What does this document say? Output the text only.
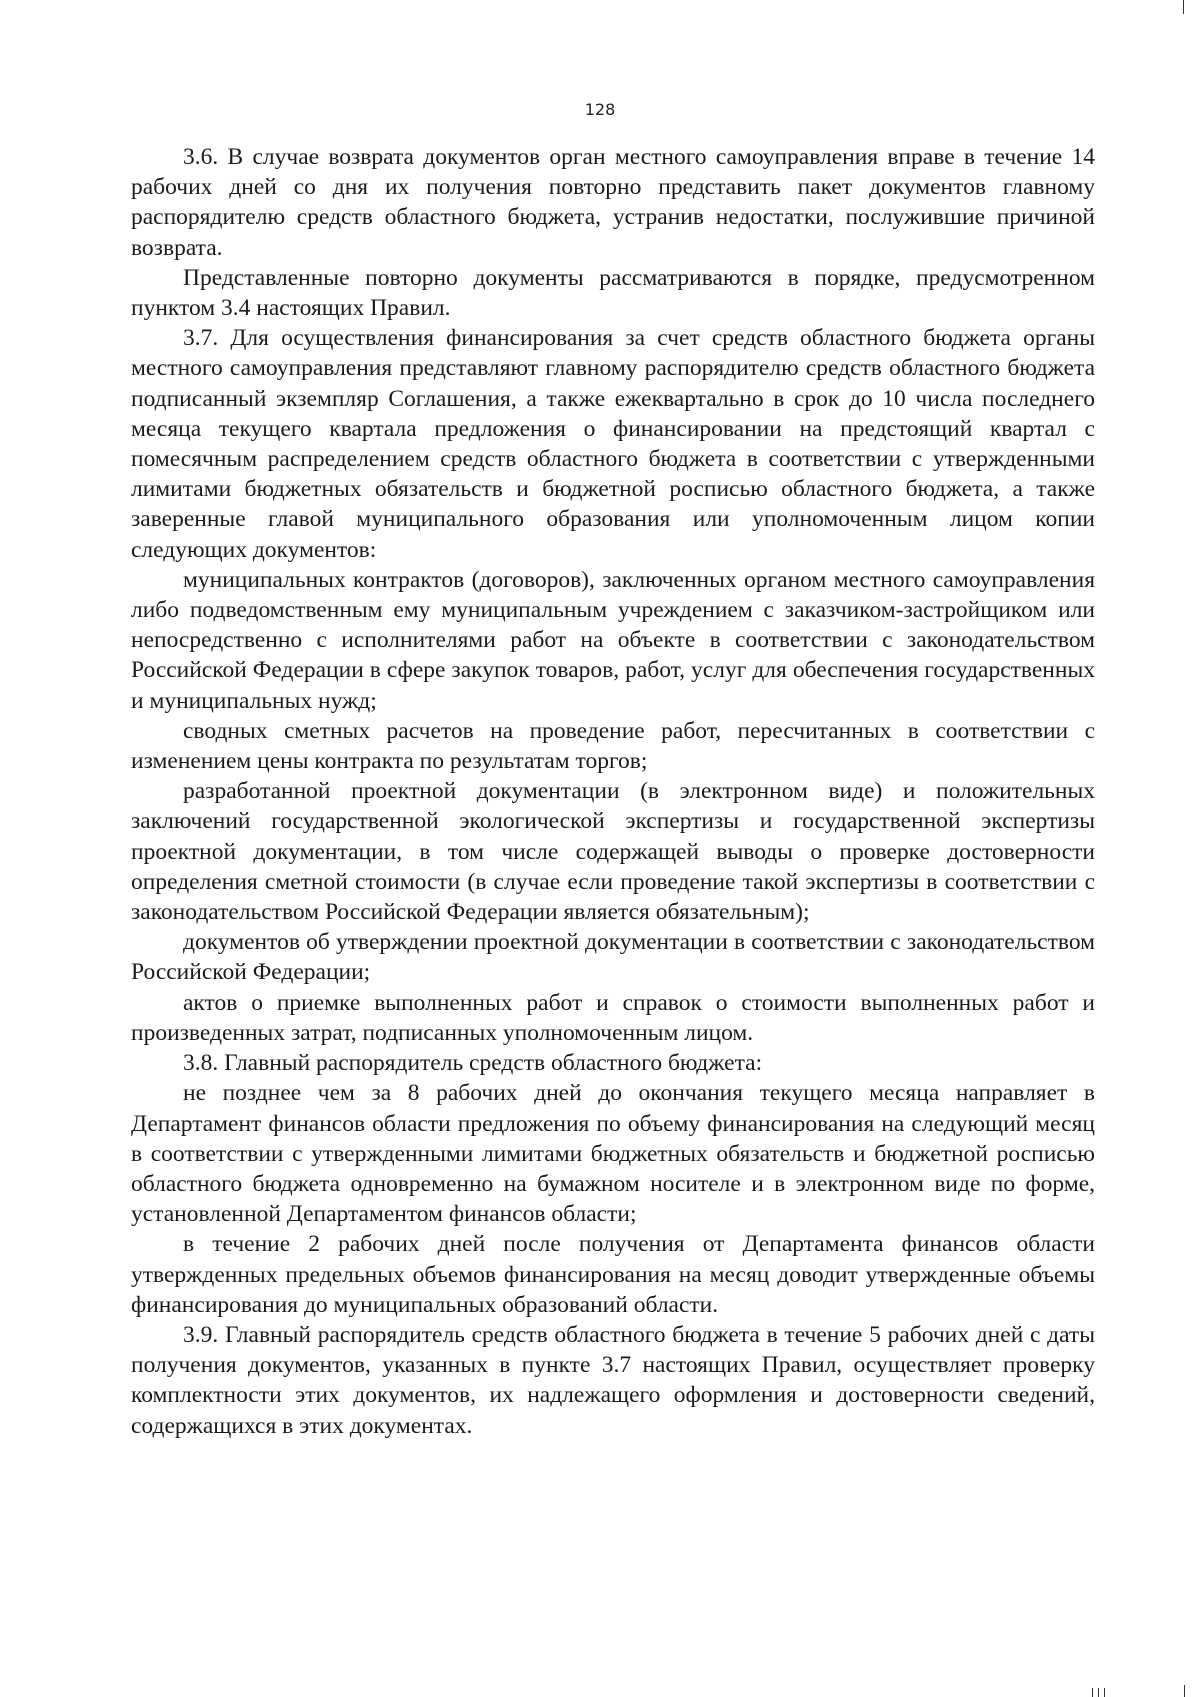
128

3.6. В случае возврата документов орган местного самоуправления вправе в течение 14 рабочих дней со дня их получения повторно представить пакет документов главному распорядителю средств областного бюджета, устранив недостатки, послужившие причиной возврата.

Представленные повторно документы рассматриваются в порядке, предусмотренном пунктом 3.4 настоящих Правил.

3.7. Для осуществления финансирования за счет средств областного бюджета органы местного самоуправления представляют главному распорядителю средств областного бюджета подписанный экземпляр Соглашения, а также ежеквартально в срок до 10 числа последнего месяца текущего квартала предложения о финансировании на предстоящий квартал с помесячным распределением средств областного бюджета в соответствии с утвержденными лимитами бюджетных обязательств и бюджетной росписью областного бюджета, а также заверенные главой муниципального образования или уполномоченным лицом копии следующих документов:

муниципальных контрактов (договоров), заключенных органом местного самоуправления либо подведомственным ему муниципальным учреждением с заказчиком-застройщиком или непосредственно с исполнителями работ на объекте в соответствии с законодательством Российской Федерации в сфере закупок товаров, работ, услуг для обеспечения государственных и муниципальных нужд;

сводных сметных расчетов на проведение работ, пересчитанных в соответствии с изменением цены контракта по результатам торгов;

разработанной проектной документации (в электронном виде) и положительных заключений государственной экологической экспертизы и государственной экспертизы проектной документации, в том числе содержащей выводы о проверке достоверности определения сметной стоимости (в случае если проведение такой экспертизы в соответствии с законодательством Российской Федерации является обязательным);

документов об утверждении проектной документации в соответствии с законодательством Российской Федерации;

актов о приемке выполненных работ и справок о стоимости выполненных работ и произведенных затрат, подписанных уполномоченным лицом.

3.8. Главный распорядитель средств областного бюджета:

не позднее чем за 8 рабочих дней до окончания текущего месяца направляет в Департамент финансов области предложения по объему финансирования на следующий месяц в соответствии с утвержденными лимитами бюджетных обязательств и бюджетной росписью областного бюджета одновременно на бумажном носителе и в электронном виде по форме, установленной Департаментом финансов области;

в течение 2 рабочих дней после получения от Департамента финансов области утвержденных предельных объемов финансирования на месяц доводит утвержденные объемы финансирования до муниципальных образований области.

3.9. Главный распорядитель средств областного бюджета в течение 5 рабочих дней с даты получения документов, указанных в пункте 3.7 настоящих Правил, осуществляет проверку комплектности этих документов, их надлежащего оформления и достоверности сведений, содержащихся в этих документах.
